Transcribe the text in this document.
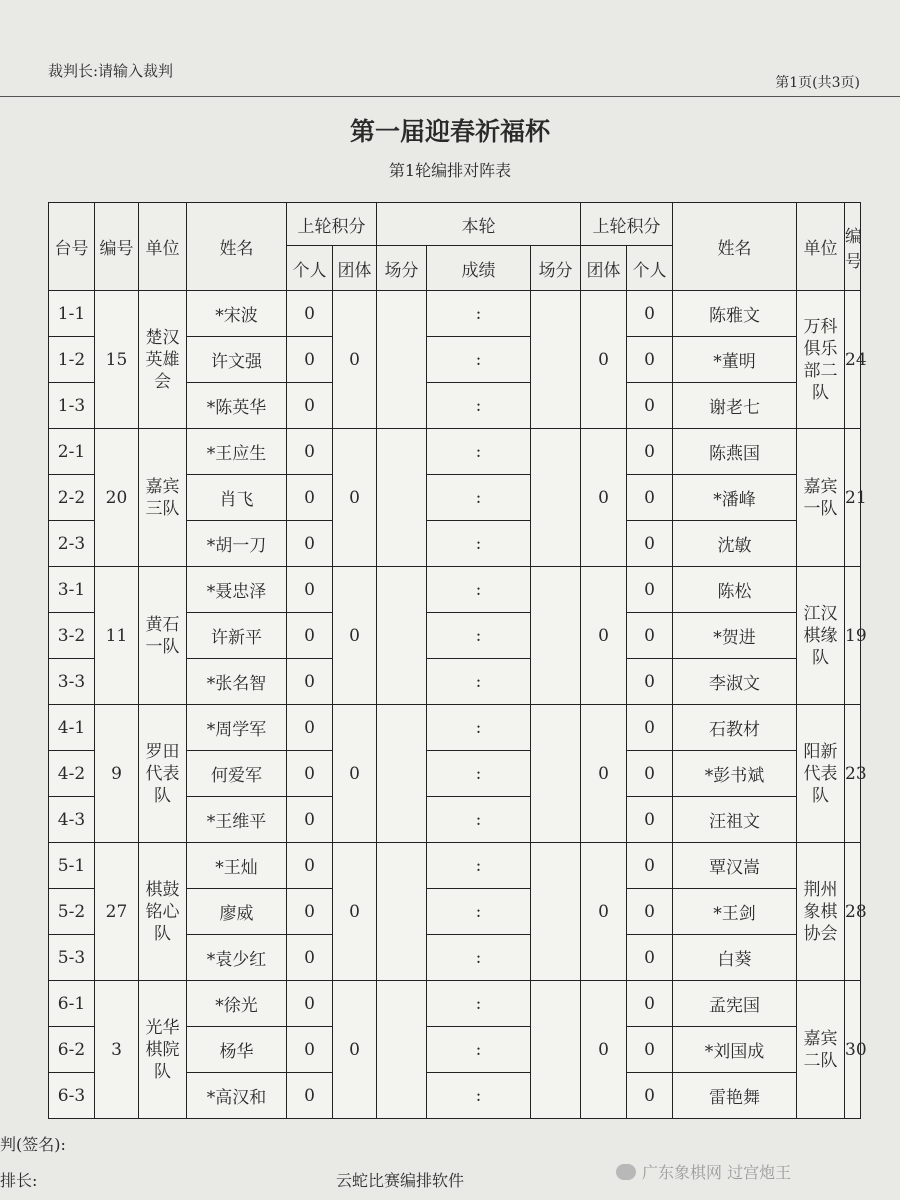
裁判长:请输入裁判
第1页(共3页)
第一届迎春祈福杯
第1轮编排对阵表
台号	编号	单位	姓名	上轮积分		本轮			上轮积分		姓名	单位	编号
				个人	团体	场分	成绩	场分	团体	个人			
1-1	15	楚汉英雄会	*宋波	0	0		:		0	0	陈雅文	万科俱乐部二队	24
1-2			许文强	0			:			0	*董明		
1-3			*陈英华	0			:			0	谢老七		
2-1	20	嘉宾三队	*王应生	0	0		:		0	0	陈燕国	嘉宾一队	21
2-2			肖飞	0			:			0	*潘峰		
2-3			*胡一刀	0			:			0	沈敏		
3-1	11	黄石一队	*聂忠泽	0	0		:		0	0	陈松	江汉棋缘队	19
3-2			许新平	0			:			0	*贺进		
3-3			*张名智	0			:			0	李淑文		
4-1	9	罗田代表队	*周学军	0	0		:		0	0	石教材	阳新代表队	23
4-2			何爱军	0			:			0	*彭书斌		
4-3			*王维平	0			:			0	汪祖文		
5-1	27	棋鼓铭心队	*王灿	0	0		:		0	0	覃汉嵩	荆州象棋协会	28
5-2			廖威	0			:			0	*王剑		
5-3			*袁少红	0			:			0	白葵		
6-1	3	光华棋院队	*徐光	0	0		:		0	0	孟宪国	嘉宾二队	30
6-2			杨华	0			:			0	*刘国成		
6-3			*高汉和	0			:			0	雷艳舞		
判(签名):
排长:	云蛇比赛编排软件	广东象棋网 过宫炮王
